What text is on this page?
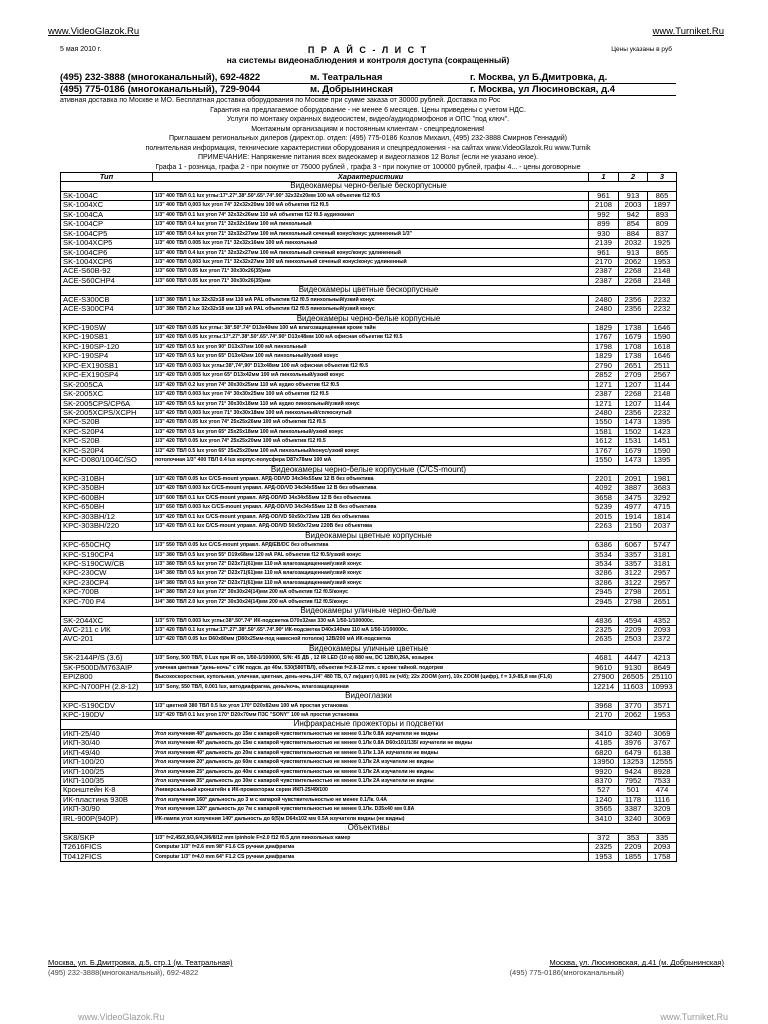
www.VideoGlazok.Ru	www.Turniket.Ru
5 мая 2010 г.	П Р А Й С - Л И С Т
на системы видеонаблюдения и контроля доступа (сокращенный)
Цены указаны в руб
(495) 232-3888 (многоканальный), 692-4822	м. Театральная	г. Москва, ул Б.Дмитровка, д.
(495) 775-0186 (многоканальный), 729-9044	м. Добрынинская	г. Москва, ул Люсиновская, д.4
ативная доставка по Москве и МО. Бесплатная доставка оборудования по Москве при сумме заказа от 30000 рублей. Доставка по Рос
Гарантия на предлагаемое оборудование - не менее 6 месяцев. Цены приведены с учетом НДС.
Услуги по монтажу охранных видеосистем, видео/аудиодомофонов и ОПС "под ключ".
Монтажным организациям и постоянным клиентам - спецпредложения!
Приглашаем региональных дилеров (директ.ор. отдел: (495) 775-0186 Козлов Михаил, (495) 232-3888 Смирнов Геннадий)
полнительная информация, технические характеристики оборудования и спецпредложения - на сайтах www.VideoGlazok.Ru www.Turnik
ПРИМЕЧАНИЕ: Напряжение питания всех видеокамер и видеоглазков 12 Вольт (если не указано иное).
Графа 1 - розница, графа 2 - при покупке от 75000 рублей , графа 3 - при покупке от 100000 рублей, графы 4... - цены договорные
Тип	Характеристики	1	2	3
Видеокамеры черно-белые бескорпусные				
SK-1004C	1/3" 400 ТВЛ 0.1 lux углы:17°.27°.38°.50°.65°.74°.90° 32х32х20мм 100 мА объектив f12 f0.5	961	913	865
SK-1004XC	1/3" 400 ТВЛ 0,003 lux угол 74° 32х32х20мм 100 мА объектив f12 f0.5	2108	2003	1897
SK-1004CA	1/3" 400 ТВЛ 0.1 lux угол 74° 32х32х26мм 110 мА объектив f12 f0.5 аудиоканал	992	942	893
SK-1004CP	1/3" 400 ТВЛ 0.4 lux угол 71° 32х32х16мм 100 мА пинхольный	899	854	809
SK-1004CP5	1/3" 400 ТВЛ 0.4 lux угол 71° 32х32х27мм 100 мА пинхольный сеченый конус/конус удлиненный 1/3"	930	884	837
SK-1004XCP5	1/3" 400 ТВЛ 0.005 lux угол 71° 32х32х16мм 100 мА пинхольный	2139	2032	1925
SK-1004CP6	1/3" 400 ТВЛ 0.4 lux угол 71° 32х32х27мм 100 мА пинхольный сеченый конус/конус удлиненный	961	913	865
SK-1004XCP6	1/3" 400 ТВЛ 0,003 lux угол 71° 32х32х27мм 100 мА пинхольный сеченый конус/конус удлиненный	2170	2062	1953
ACE-S60B-92	1/3" 600 ТВЛ 0.05 lux угол 71° 30х30х26(35)мм	2387	2268	2148
ACE-S60CHP4	1/3" 600 ТВЛ 0.05 lux угол 71° 30х30х26(35)мм	2387	2268	2148
Видеокамеры цветные бескорпусные				
ACE-S300CB	1/3" 380 ТВЛ 1 lux 32х32х18 мм 110 мА PAL объектив f12 f0.5 пинхольный/узкий конус	2480	2356	2232
ACE-S300CP4	1/3" 380 ТВЛ 2 lux 32х32х18 мм 110 мА PAL объектив f12 f0.5 пинхольный/узкий конус	2480	2356	2232
Видеокамеры черно-белые корпусные				
KPC-190SW	1/3" 420 ТВЛ 0.05 lux углы: 38°.50°.74° D13х40мм 100 мА влагозащищенная кроме тайн	1829	1738	1646
KPC-190SB1	1/3" 420 ТВЛ 0.05 lux углы:17°.27°.38°.50°.65°.74°.90° D13х48мм 100 мА офисная объектив f12 f0.5	1767	1679	1590
KPC-190SP-120	1/3" 420 ТВЛ 0.5 lux угол 90° D13х37мм 100 мА пинхольный	1798	1708	1618
KPC-190SP4	1/3" 420 ТВЛ 0.5 lux угол 65° D13х42мм 100 мА пинхольный/узкий конус	1829	1738	1646
KPC-EX190SB1	1/3" 420 ТВЛ 0.003 lux углы:38°,74°,90° D13х48мм 100 мА офисная объектив f12 f0.5	2790	2651	2511
KPC-EX190SP4	1/3" 420 ТВЛ 0.005 lux угол 65° D13х42мм 100 мА пинхольный/узкий конус	2852	2709	2567
SK-2005CA	1/3" 420 ТВЛ 0.2 lux угол 74° 30х30х25мм 110 мА аудио объектив f12 f0.5	1271	1207	1144
SK-2005XC	1/3" 420 ТВЛ 0.003 lux угол 74° 30х30х25мм 100 мА объектив f12 f0.5	2387	2268	2148
SK-2005CPS/CP6A	1/3" 420 ТВЛ 0.5 lux угол 71° 30х30х18мм 110 мА аудио пинхольный/узкий конус	1271	1207	1144
SK-2005XCPS/XCPH	1/3" 420 ТВЛ 0,003 lux угол 71° 30х30х18мм 100 мА пинхольный/сплюснутый	2480	2356	2232
KPC-S20B	1/3" 420 ТВЛ 0.05 lux угол 74° 25х25х26мм 100 мА объектив f12 f0.5	1550	1473	1395
KPC-S20P4	1/3" 420 ТВЛ 0.5 lux угол 65° 25х25х18мм 100 мА пинхольный/узкий конус	1581	1502	1423
KPC-S20B	1/3" 420 ТВЛ 0.05 lux угол 74° 25х25х20мм 100 мА объектив f12 f0.5	1612	1531	1451
KPC-S20P4	1/3" 420 ТВЛ 0.5 lux угол 65° 25х25х20мм 100 мА пинхольный/конус/узкий конус	1767	1679	1590
KPC-D080/1004C/SO	потолочная 1/3" 400 ТВЛ 0.4 lux корпус-полусфера D87х78мм 100 мА	1550	1473	1395
Видеокамеры черно-белые корпусные (C/CS-mount)				
KPC-310BH	1/3" 420 ТВЛ 0.05 lux C/CS-mount управл. АРД-OD/VD 34х34х55мм 12 В без объектива	2201	2091	1981
KPC-350BH	1/3" 420 ТВЛ 0.003 lux C/CS-mount управл. АРД-OD/VD 34х34х55мм 12 В без объектива	4092	3887	3683
KPC-600BH	1/3" 600 ТВЛ 0.1 lux C/CS-mount управл. АРД-OD/VD 34х34х55мм 12 В без объектива	3658	3475	3292
KPC-650BH	1/3" 650 ТВЛ 0.003 lux C/CS-mount управл. АРД-OD/VD 34х34х55мм 12 В без объектива	5239	4977	4715
KPC-303BH/12	1/3" 420 ТВЛ 0.1 lux C/CS-mount управл. АРД-OD/VD 50х50х72мм 12В без объектива	2015	1914	1814
KPC-303BH/220	1/3" 420 ТВЛ 0.1 lux C/CS-mount управл. АРД-OD/VD 50х50х72мм 220В без объектива	2263	2150	2037
Видеокамеры цветные корпусные				
KPC-650CHQ	1/3" 550 ТВЛ 0.05 lux C/CS-mount управл. АРД/ЕВ/DC без объектива	6386	6067	5747
KPC-S190CP4	1/3" 380 ТВЛ 0.5 lux угол 55° D19х68мм 120 мА PAL объектив f12 f0.5/узкий конус	3534	3357	3181
KPC-S190CW/CB	1/3" 380 ТВЛ 0.5 lux угол 72° D23х71(61)мм 110 мА влагозащищенная/узкий конус	3534	3357	3181
KPC-230CW	1/4" 380 ТВЛ 0.5 lux угол 72° D23х71(61)мм 110 мА влагозащищенная/узкий конус	3286	3122	2957
KPC-230CP4	1/4" 380 ТВЛ 0.5 lux угол 72° D23х71(61)мм 110 мА влагозащищенная/узкий конус	3286	3122	2957
KPC-700B	1/4" 380 ТВЛ 2.0 lux угол 72° 30х30х24(14)мм 200 мА объектив f12 f0.5/конус	2945	2798	2651
KPC-700 P4	1/4" 380 ТВЛ 2.0 lux угол 72° 30х30х24(14)мм 200 мА объектив f12 f0.5/конус	2945	2798	2651
Видеокамеры уличные черно-белые				
SK-2044XC	1/3" 570 ТВЛ 0.003 lux углы:38°.50°.74° ИК-подсветка D70х32мм 330 мА 1/50-1/100000с.	4836	4594	4352
AVC-211 с ИК	1/3" 420 ТВЛ 0.1 lux углы:17°.27°.38°.50°.65°.74°.90° ИК-подсветка D40х140мм 110 мА 1/50-1/100000с.	2325	2209	2093
AVC-201	1/3" 420 ТВЛ 0.05 lux D60х80мм (D80х25мм-под навесной потолок) 12В/200 мА ИК-подсветка	2635	2503	2372
Видеокамеры уличные цветные				
SK-2144P/S (3.6)	1/3" Sony, 500 ТВЛ, 0 Lux при IR on, 1/50-1/100000, S/N: 45 ДБ , 12 IR LED (10 м) 880 нм, DC 12В/0,26А, козырек	4681	4447	4213
SK-P500D/M763AIP	уличная цветная "день-ночь" с ИК подсв. до 40м. 530(580ТВЛ), объектив f=2.8-12 mm. с кроне тайной. подогрев	9610	9130	8649
EPIZ800	Высокоскоростная, купольная, уличная, цветная, день-ночь,1/4" 480 ТВ, 0,7 лк(цвет) 0,001 лк (ч/б); 22х ZOOM (опт), 10х ZOOM (цифр), f = 3,9-85,8 мм (F1,6)	27900	26505	25110
KPC-N700PH (2.8-12)	1/3" Sony, 550 ТВЛ, 0.001 lux, автодиафрагма, день/ночь, влагозащищенная	12214	11603	10993
Видеоглазки				
KPC-S190CDV	1/3" цветной 380 ТВЛ 0.5 lux угол 170° D20х82мм 100 мА простая установка	3968	3770	3571
KPC-190DV	1/3" 420 ТВЛ 0.1 lux угол 170° D20х70мм ПЗС "SONY" 100 мА простая установка	2170	2062	1953
Инфракрасные прожекторы и подсветки				
ИКП-25/40	Угол излучения 40° дальность до 15м с капарой чувствительностью не менее 0.1Лк 0.8А изучатели не видны	3410	3240	3069
ИКП-30/40	Угол излучения 40° дальность до 15м с капарой чувствительностью не менее 0.1Лк 0.8А D60х101/135/ изучатели не видны	4185	3976	3767
ИКП-49/40	Угол излучения 40° дальность до 20м с капарой чувствительностью не менее 0.1Лк 1.3А изучатели не видны	6820	6479	6138
ИКП-100/20	Угол излучения 20° дальность до 60м с капарой чувствительностью не менее 0.1Лк 2А изучатели не видны	13950	13253	12555
ИКП-100/25	Угол излучения 25° дальность до 40м с капарой чувствительностью не менее 0.1Лк 2А изучатели не видны	9920	9424	8928
ИКП-100/35	Угол излучения 35° дальность до 30м с капарой чувствительностью не менее 0.1Лк 2А изучатели не видны	8370	7952	7533
Кронштейн К-8	Универсальный кронштейн к ИК-прожекторам серии ИКП-25/49/100	527	501	474
ИК-пластина 930В	Угол излучения 160° дальность до 3 м с капарой чувствительностью не менее 0.1Лк. 0.4А	1240	1178	1116
ИКП-30/90	Угол излучения 120° дальность до 7м с капарой чувствительностью не менее 0.1Лк. D35х40 мм 0.8А	3565	3387	3209
IRL-900P(940P)	ИК-лампа угол излучения 140° дальность до 6(5)м D64х102 мм 0.5А изучатели видны (не видны)	3410	3240	3069
Объективы				
SK8/SKP	1/3" f=2,45/2,9/3,6/4,3/6/8/12 mm /pinhole F=2.0 f12 f0.5 для пинхольных камер	372	353	335
T2616FICS	Computar 1/3" f=2.6 mm 98° F1.6 CS ручная диафрагма	2325	2209	2093
T0412FICS	Computar 1/3" f=4.0 mm 64° F1.2 CS ручная диафрагма	1953	1855	1758
Москва, ул. Б.Дмитровка, д.5, стр.1 (м. Театральная)	Москва, ул. Люсиновская, д.41 (м. Добрынинская)
(495) 232-3888(многоканальный), 692-4822	(495) 775-0186(многоканальный)
www.VideoGlazok.Ru	www.Turniket.Ru
